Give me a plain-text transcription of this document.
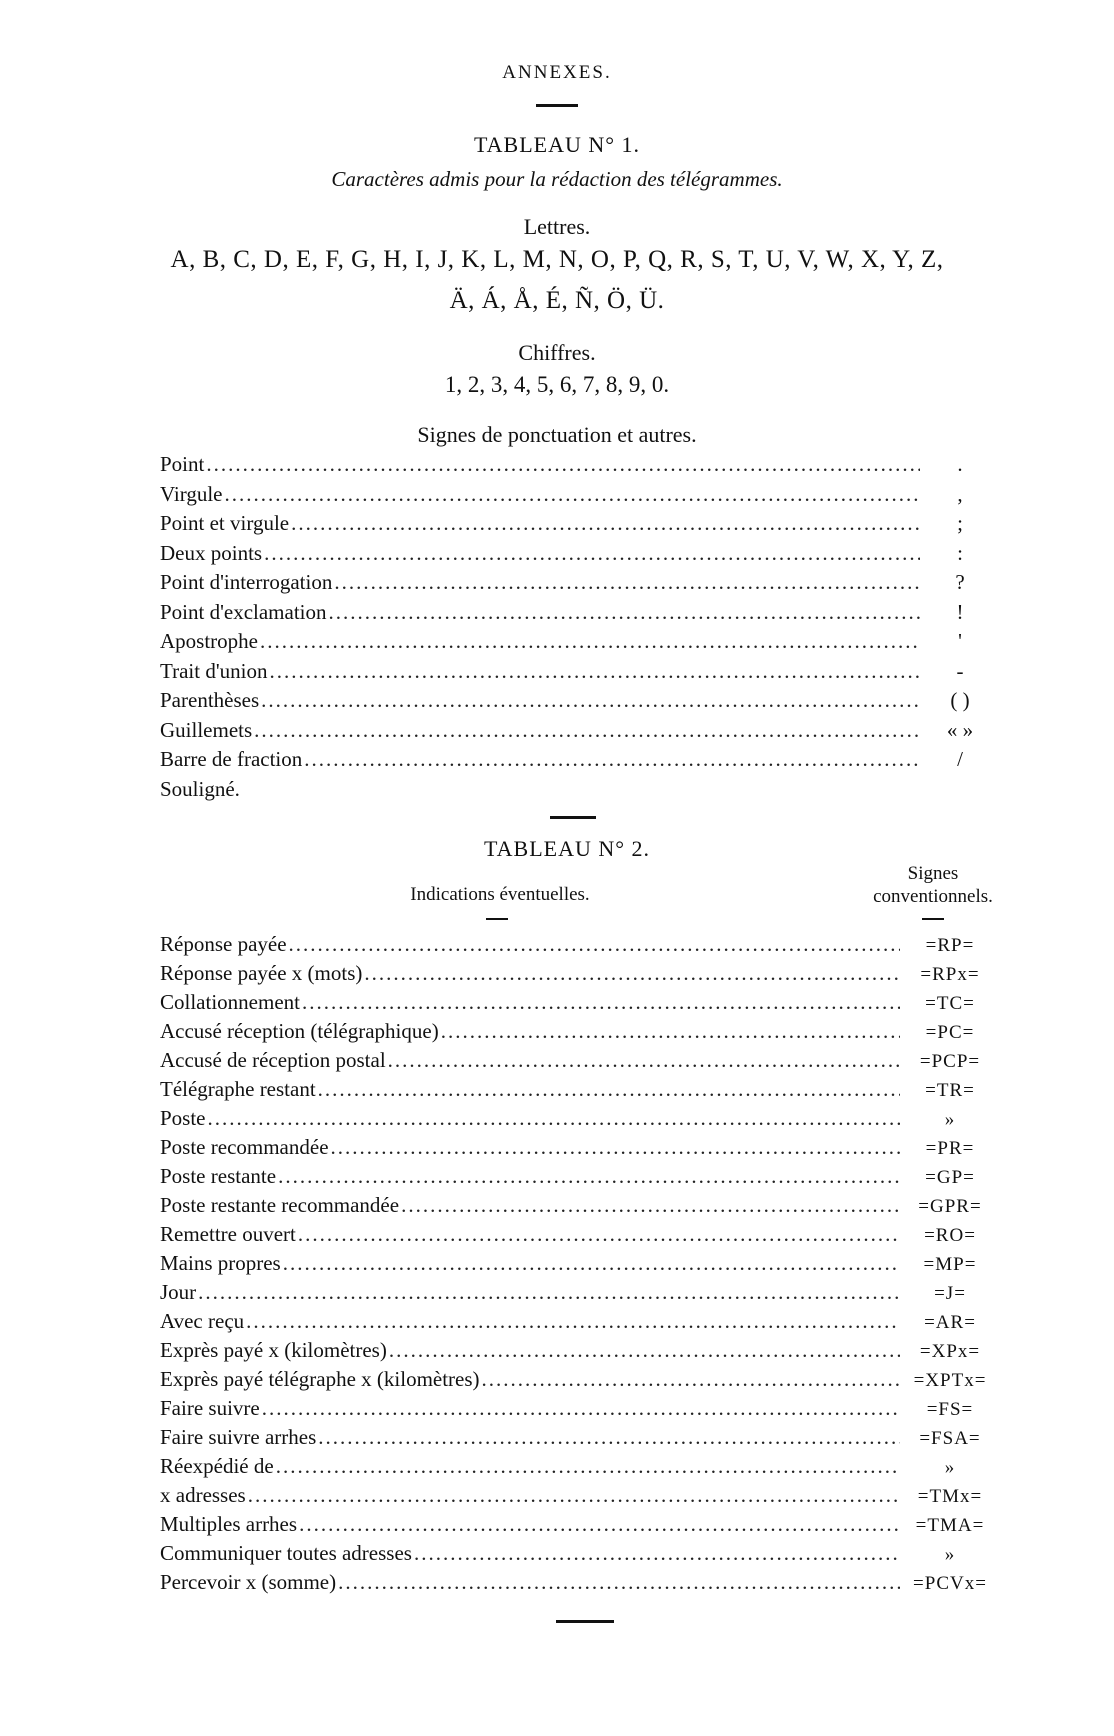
ANNEXES.
TABLEAU N° 1.
Caractères admis pour la rédaction des télégrammes.
Lettres.
A, B, C, D, E, F, G, H, I, J, K, L, M, N, O, P, Q, R, S, T, U, V, W, X, Y, Z,
Ä, Á, Å, É, Ñ, Ö, Ü.
Chiffres.
1, 2, 3, 4, 5, 6, 7, 8, 9, 0.
Signes de ponctuation et autres.
Point .....	.
Virgule .....	,
Point et virgule .....	;
Deux points .....	:
Point d'interrogation .....	?
Point d'exclamation .....	!
Apostrophe .....	'
Trait d'union .....	-
Parenthèses .....	( )
Guillemets .....	« »
Barre de fraction .....	/
Souligné.
TABLEAU N° 2.
Indications éventuelles.
Signes
conventionnels.
Réponse payée .....	=RP=
Réponse payée x (mots) .....	=RPx=
Collationnement .....	=TC=
Accusé réception (télégraphique) .....	=PC=
Accusé de réception postal .....	=PCP=
Télégraphe restant .....	=TR=
Poste .....	»
Poste recommandée .....	=PR=
Poste restante .....	=GP=
Poste restante recommandée .....	=GPR=
Remettre ouvert .....	=RO=
Mains propres .....	=MP=
Jour .....	=J=
Avec reçu .....	=AR=
Exprès payé x (kilomètres) .....	=XPx=
Exprès payé télégraphe x (kilomètres) .....	=XPTx=
Faire suivre .....	=FS=
Faire suivre arrhes .....	=FSA=
Réexpédié de .....	»
x adresses .....	=TMx=
Multiples arrhes .....	=TMA=
Communiquer toutes adresses .....	»
Percevoir x (somme) .....	=PCVx=
